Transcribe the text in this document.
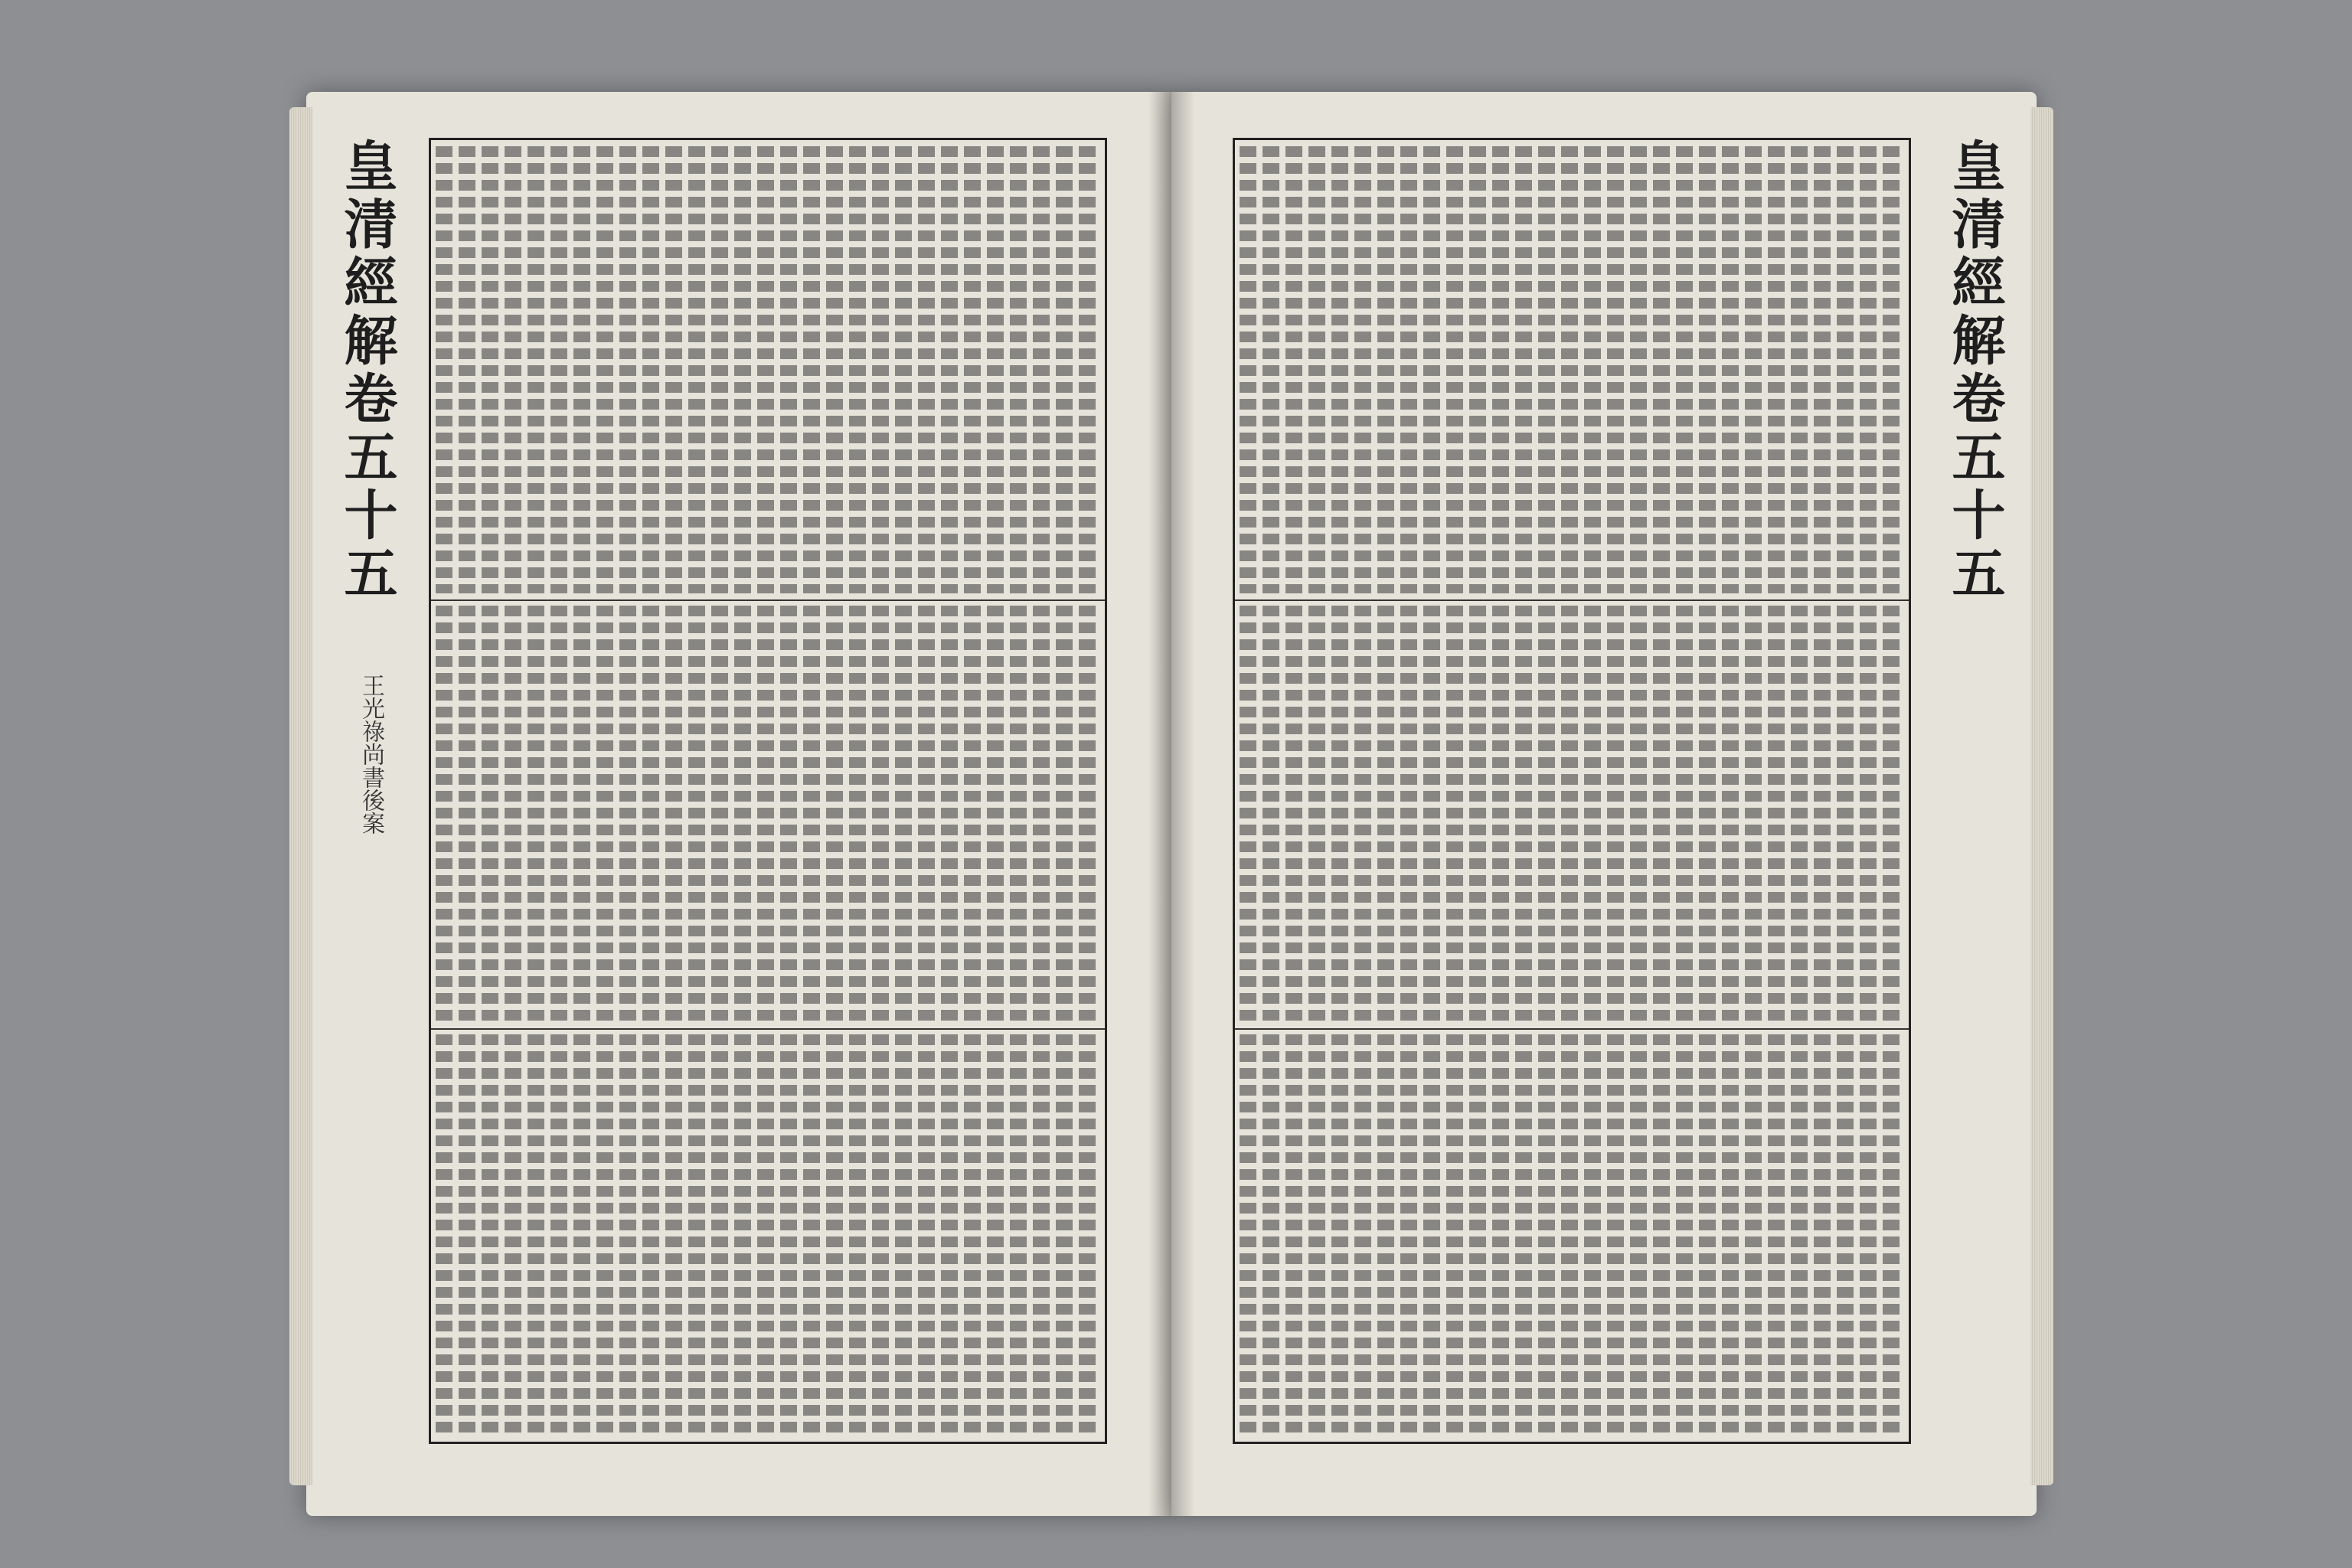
皇清經解卷五十五
王光祿尚書後案
皇清經解卷五十五
